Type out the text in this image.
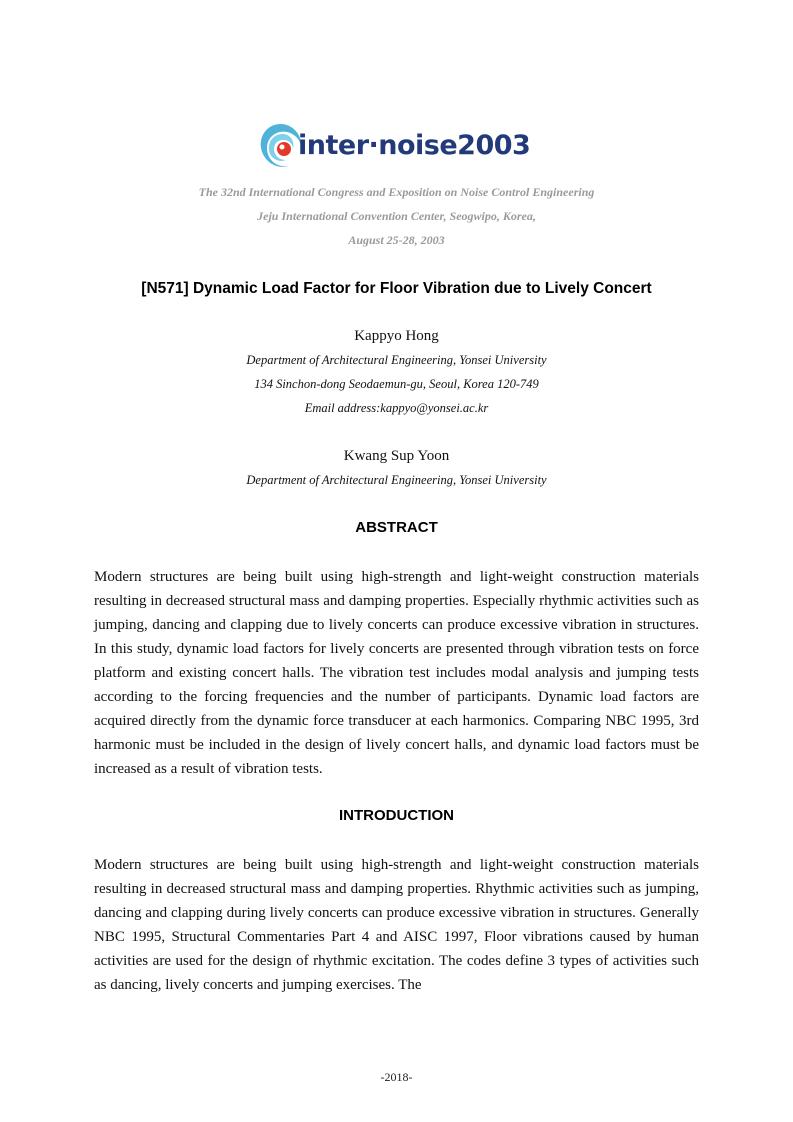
inter·noise2003
The 32nd International Congress and Exposition on Noise Control Engineering
Jeju International Convention Center, Seogwipo, Korea,
August 25-28, 2003
[N571] Dynamic Load Factor for Floor Vibration due to Lively Concert
Kappyo Hong
Department of Architectural Engineering, Yonsei University
134 Sinchon-dong Seodaemun-gu, Seoul, Korea 120-749
Email address:kappyo@yonsei.ac.kr
Kwang Sup Yoon
Department of Architectural Engineering, Yonsei University
ABSTRACT

Modern structures are being built using high-strength and light-weight construction materials resulting in decreased structural mass and damping properties. Especially rhythmic activities such as jumping, dancing and clapping due to lively concerts can produce excessive vibration in structures. In this study, dynamic load factors for lively concerts are presented through vibration tests on force platform and existing concert halls. The vibration test includes modal analysis and jumping tests according to the forcing frequencies and the number of participants. Dynamic load factors are acquired directly from the dynamic force transducer at each harmonics. Comparing NBC 1995, 3rd harmonic must be included in the design of lively concert halls, and dynamic load factors must be increased as a result of vibration tests.

INTRODUCTION

Modern structures are being built using high-strength and light-weight construction materials resulting in decreased structural mass and damping properties. Rhythmic activities such as jumping, dancing and clapping during lively concerts can produce excessive vibration in structures. Generally NBC 1995, Structural Commentaries Part 4 and AISC 1997, Floor vibrations caused by human activities are used for the design of rhythmic excitation. The codes define 3 types of activities such as dancing, lively concerts and jumping exercises. The

-2018-
